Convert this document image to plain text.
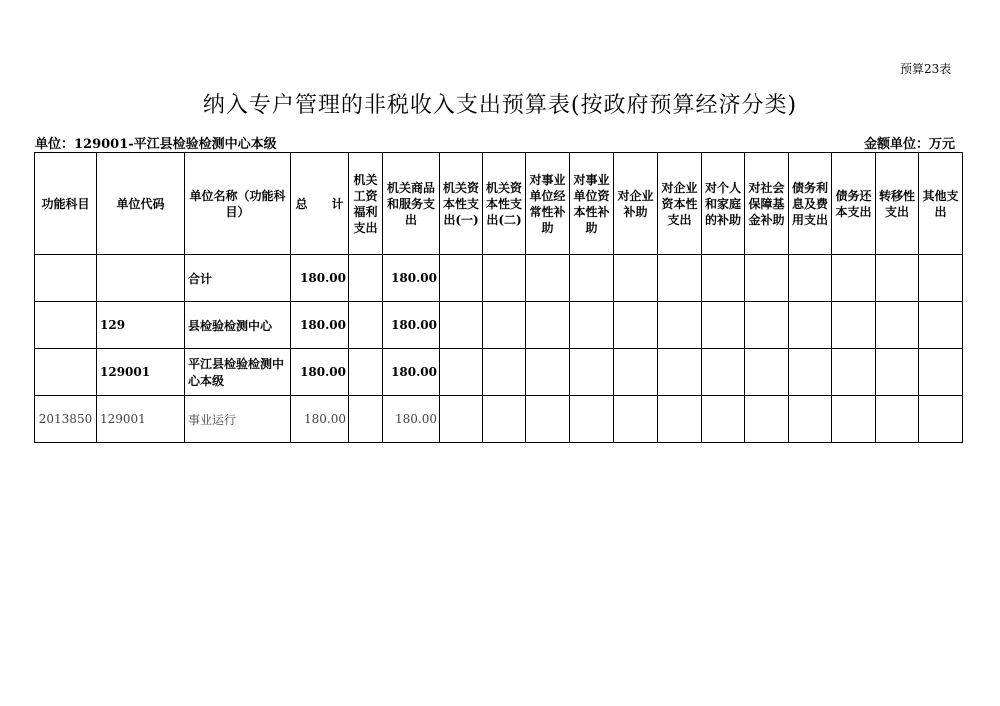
预算23表
纳入专户管理的非税收入支出预算表(按政府预算经济分类)
单位：129001-平江县检验检测中心本级	金额单位：万元
功能科目	单位代码	单位名称（功能科目）	总　　计	机关工资福利支出	机关商品和服务支出	机关资本性支出(一)	机关资本性支出(二)	对事业单位经常性补助	对事业单位资本性补助	对企业补助	对企业资本性支出	对个人和家庭的补助	对社会保障基金补助	债务利息及费用支出	债务还本支出	转移性支出	其他支出
		合计	180.00		180.00												
	129	县检验检测中心	180.00		180.00												
	129001	平江县检验检测中心本级	180.00		180.00												
2013850	129001	事业运行	180.00		180.00												
